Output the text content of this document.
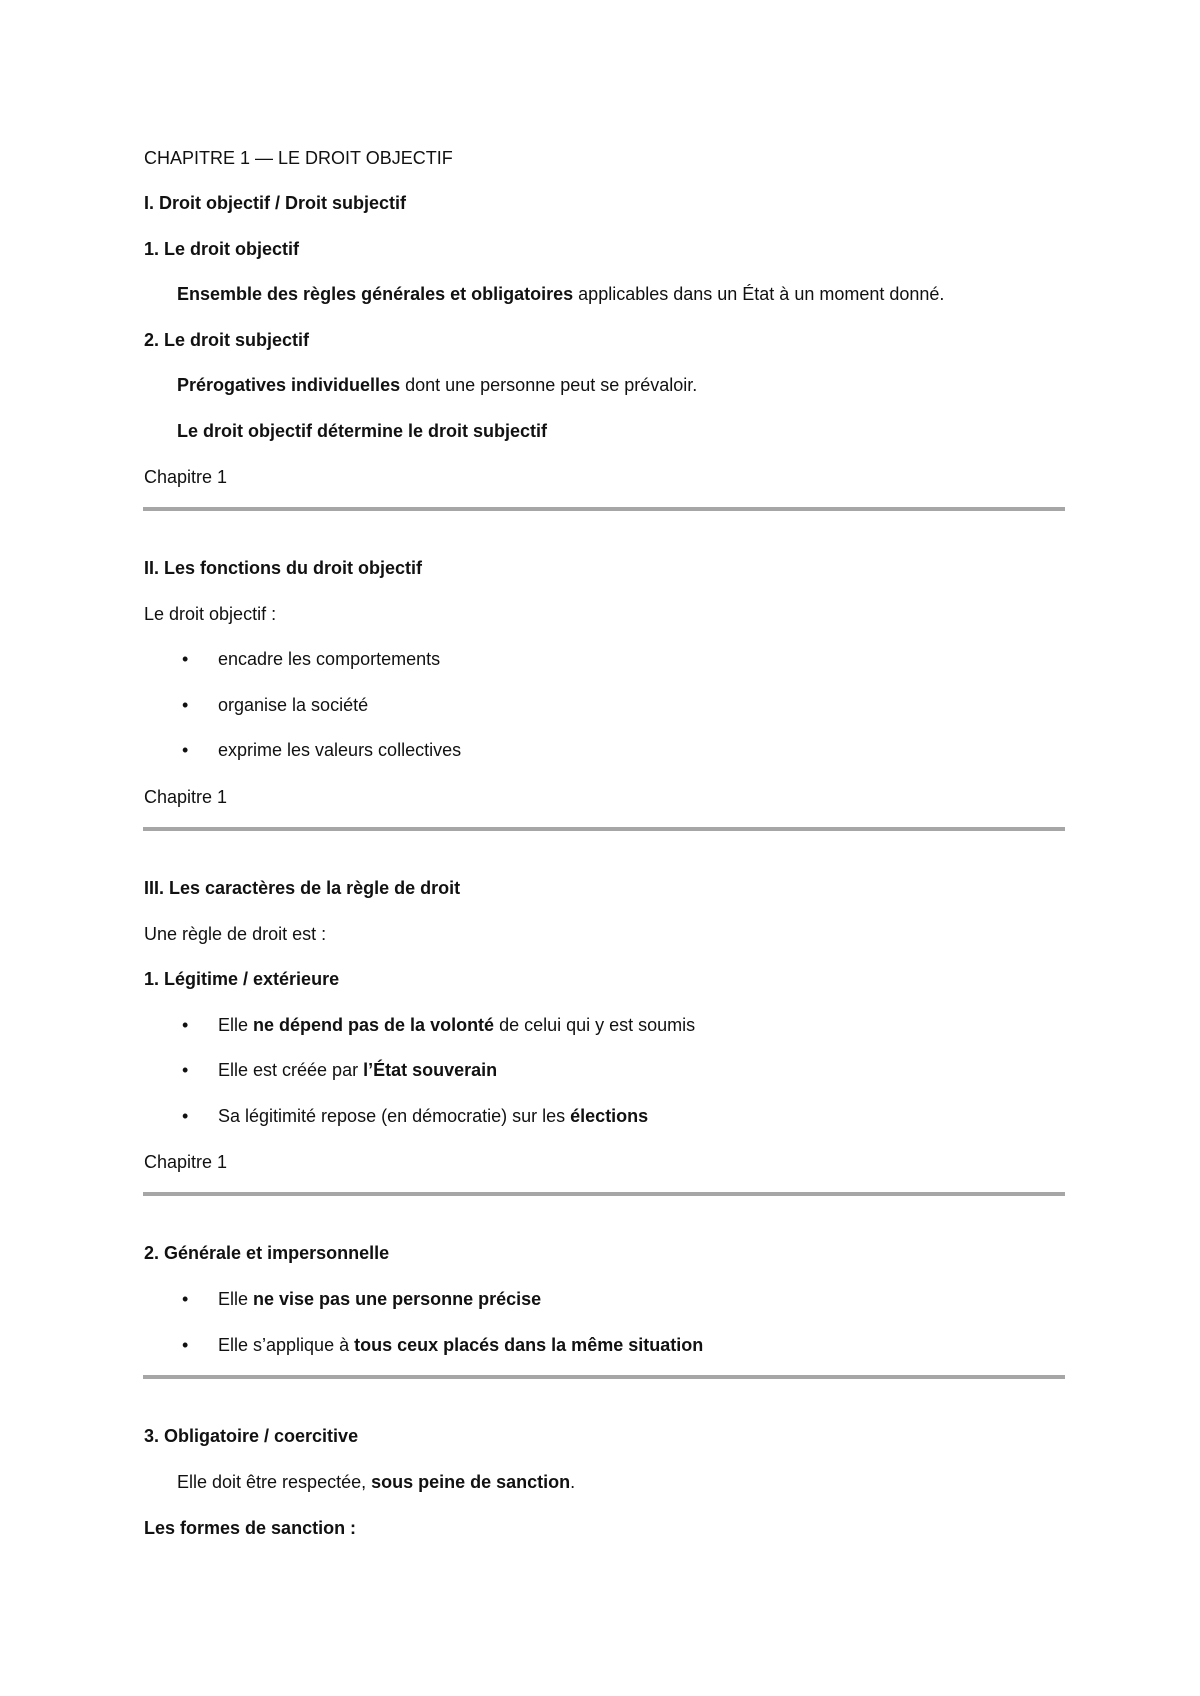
CHAPITRE 1 — LE DROIT OBJECTIF
I. Droit objectif / Droit subjectif
1. Le droit objectif
Ensemble des règles générales et obligatoires applicables dans un État à un moment donné.
2. Le droit subjectif
Prérogatives individuelles dont une personne peut se prévaloir.
Le droit objectif détermine le droit subjectif
Chapitre 1
II. Les fonctions du droit objectif
Le droit objectif :
• encadre les comportements
• organise la société
• exprime les valeurs collectives
Chapitre 1
III. Les caractères de la règle de droit
Une règle de droit est :
1. Légitime / extérieure
• Elle ne dépend pas de la volonté de celui qui y est soumis
• Elle est créée par l’État souverain
• Sa légitimité repose (en démocratie) sur les élections
Chapitre 1
2. Générale et impersonnelle
• Elle ne vise pas une personne précise
• Elle s’applique à tous ceux placés dans la même situation
3. Obligatoire / coercitive
Elle doit être respectée, sous peine de sanction.
Les formes de sanction :
